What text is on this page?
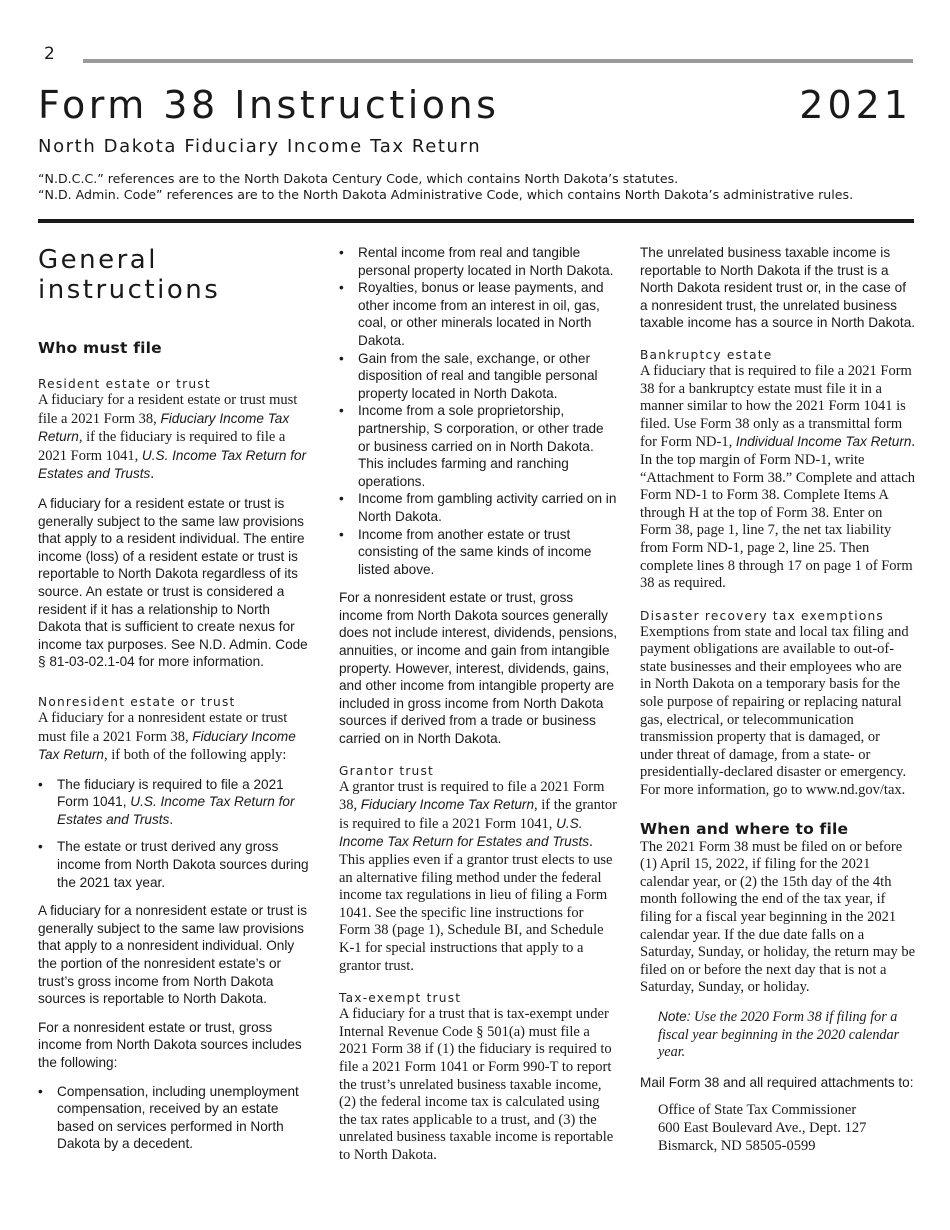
2
Form 38 Instructions	2021
North Dakota Fiduciary Income Tax Return
“N.D.C.C.” references are to the North Dakota Century Code, which contains North Dakota’s statutes.
“N.D. Admin. Code” references are to the North Dakota Administrative Code, which contains North Dakota’s administrative rules.
General instructions
Who must file
Resident estate or trust

A fiduciary for a resident estate or trust must file a 2021 Form 38, Fiduciary Income Tax Return, if the fiduciary is required to file a 2021 Form 1041, U.S. Income Tax Return for Estates and Trusts.

A fiduciary for a resident estate or trust is generally subject to the same law provisions that apply to a resident individual. The entire income (loss) of a resident estate or trust is reportable to North Dakota regardless of its source. An estate or trust is considered a resident if it has a relationship to North Dakota that is sufficient to create nexus for income tax purposes. See N.D. Admin. Code § 81-03-02.1-04 for more information.

Nonresident estate or trust

A fiduciary for a nonresident estate or trust must file a 2021 Form 38, Fiduciary Income Tax Return, if both of the following apply:

• The fiduciary is required to file a 2021 Form 1041, U.S. Income Tax Return for Estates and Trusts.
• The estate or trust derived any gross income from North Dakota sources during the 2021 tax year.

A fiduciary for a nonresident estate or trust is generally subject to the same law provisions that apply to a nonresident individual. Only the portion of the nonresident estate’s or trust’s gross income from North Dakota sources is reportable to North Dakota.

For a nonresident estate or trust, gross income from North Dakota sources includes the following:

• Compensation, including unemployment compensation, received by an estate based on services performed in North Dakota by a decedent.
• Rental income from real and tangible personal property located in North Dakota.
• Royalties, bonus or lease payments, and other income from an interest in oil, gas, coal, or other minerals located in North Dakota.
• Gain from the sale, exchange, or other disposition of real and tangible personal property located in North Dakota.
• Income from a sole proprietorship, partnership, S corporation, or other trade or business carried on in North Dakota. This includes farming and ranching operations.
• Income from gambling activity carried on in North Dakota.
• Income from another estate or trust consisting of the same kinds of income listed above.

For a nonresident estate or trust, gross income from North Dakota sources generally does not include interest, dividends, pensions, annuities, or income and gain from intangible property. However, interest, dividends, gains, and other income from intangible property are included in gross income from North Dakota sources if derived from a trade or business carried on in North Dakota.

Grantor trust

A grantor trust is required to file a 2021 Form 38, Fiduciary Income Tax Return, if the grantor is required to file a 2021 Form 1041, U.S. Income Tax Return for Estates and Trusts. This applies even if a grantor trust elects to use an alternative filing method under the federal income tax regulations in lieu of filing a Form 1041. See the specific line instructions for Form 38 (page 1), Schedule BI, and Schedule K-1 for special instructions that apply to a grantor trust.

Tax-exempt trust

A fiduciary for a trust that is tax-exempt under Internal Revenue Code § 501(a) must file a 2021 Form 38 if (1) the fiduciary is required to file a 2021 Form 1041 or Form 990-T to report the trust’s unrelated business taxable income, (2) the federal income tax is calculated using the tax rates applicable to a trust, and (3) the unrelated business taxable income is reportable to North Dakota.

The unrelated business taxable income is reportable to North Dakota if the trust is a North Dakota resident trust or, in the case of a nonresident trust, the unrelated business taxable income has a source in North Dakota.

Bankruptcy estate

A fiduciary that is required to file a 2021 Form 38 for a bankruptcy estate must file it in a manner similar to how the 2021 Form 1041 is filed. Use Form 38 only as a transmittal form for Form ND-1, Individual Income Tax Return. In the top margin of Form ND-1, write “Attachment to Form 38.” Complete and attach Form ND-1 to Form 38. Complete Items A through H at the top of Form 38. Enter on Form 38, page 1, line 7, the net tax liability from Form ND-1, page 2, line 25. Then complete lines 8 through 17 on page 1 of Form 38 as required.

Disaster recovery tax exemptions

Exemptions from state and local tax filing and payment obligations are available to out-of-state businesses and their employees who are in North Dakota on a temporary basis for the sole purpose of repairing or replacing natural gas, electrical, or telecommunication transmission property that is damaged, or under threat of damage, from a state- or presidentially-declared disaster or emergency. For more information, go to www.nd.gov/tax.

When and where to file

The 2021 Form 38 must be filed on or before (1) April 15, 2022, if filing for the 2021 calendar year, or (2) the 15th day of the 4th month following the end of the tax year, if filing for a fiscal year beginning in the 2021 calendar year. If the due date falls on a Saturday, Sunday, or holiday, the return may be filed on or before the next day that is not a Saturday, Sunday, or holiday.

Note: Use the 2020 Form 38 if filing for a fiscal year beginning in the 2020 calendar year.

Mail Form 38 and all required attachments to:

Office of State Tax Commissioner
600 East Boulevard Ave., Dept. 127
Bismarck, ND 58505-0599
